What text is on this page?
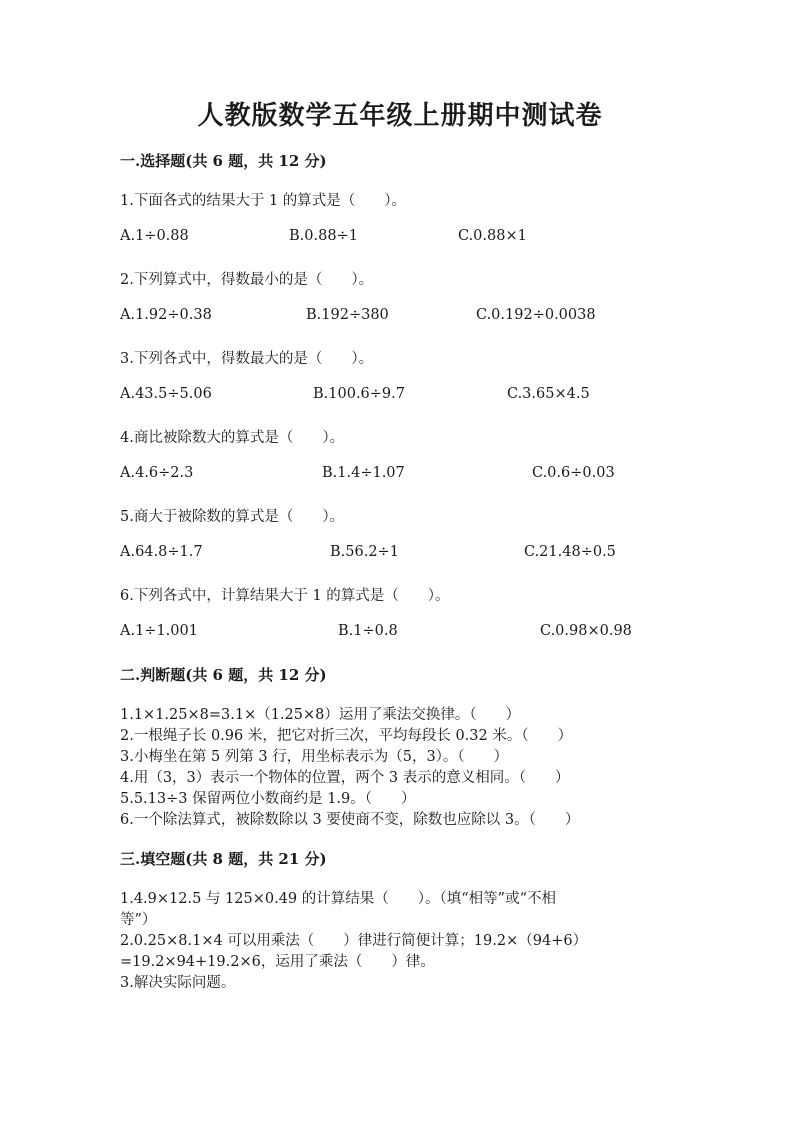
人教版数学五年级上册期中测试卷
一.选择题(共 6 题，共 12 分)
1.下面各式的结果大于 1 的算式是（　　）。
A.1÷0.88	B.0.88÷1	C.0.88×1
2.下列算式中，得数最小的是（　　）。
A.1.92÷0.38	B.192÷380	C.0.192÷0.0038
3.下列各式中，得数最大的是（　　）。
A.43.5÷5.06	B.100.6÷9.7	C.3.65×4.5
4.商比被除数大的算式是（　　）。
A.4.6÷2.3	B.1.4÷1.07	C.0.6÷0.03
5.商大于被除数的算式是（　　）。
A.64.8÷1.7	B.56.2÷1	C.21.48÷0.5
6.下列各式中，计算结果大于 1 的算式是（　　）。
A.1÷1.001	B.1÷0.8	C.0.98×0.98
二.判断题(共 6 题，共 12 分)
1.1×1.25×8=3.1×（1.25×8）运用了乘法交换律。（　　）
2.一根绳子长 0.96 米，把它对折三次，平均每段长 0.32 米。（　　）
3.小梅坐在第 5 列第 3 行，用坐标表示为（5，3）。（　　）
4.用（3，3）表示一个物体的位置，两个 3 表示的意义相同。（　　）
5.5.13÷3 保留两位小数商约是 1.9。（　　）
6.一个除法算式，被除数除以 3 要使商不变，除数也应除以 3。（　　）
三.填空题(共 8 题，共 21 分)
1.4.9×12.5 与 125×0.49 的计算结果（　　）。（填“相等”或“不相
等”）
2.0.25×8.1×4 可以用乘法（　　）律进行简便计算；19.2×（94+6）
=19.2×94+19.2×6，运用了乘法（　　）律。
3.解决实际问题。
